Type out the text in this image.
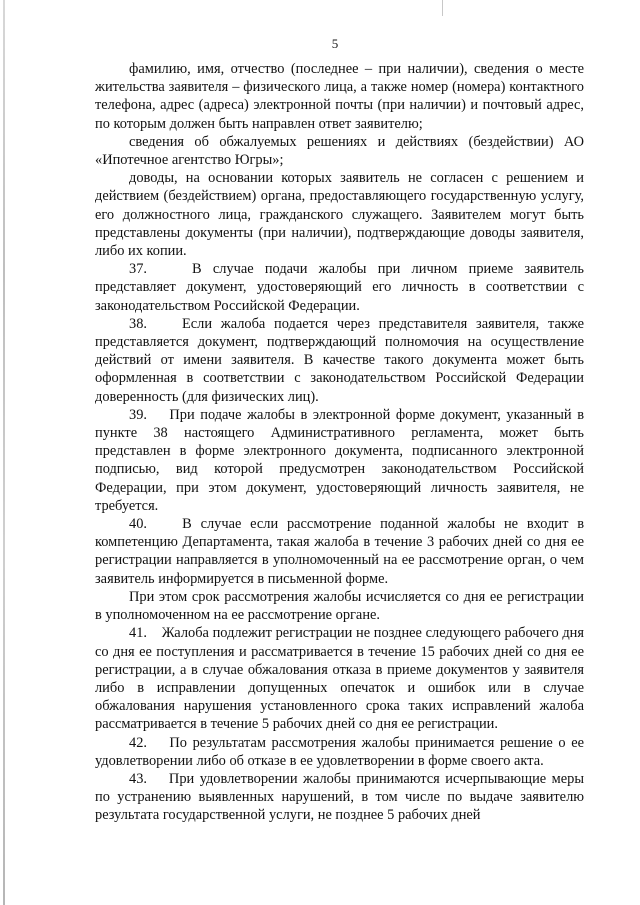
5

фамилию, имя, отчество (последнее – при наличии), сведения о месте жительства заявителя – физического лица, а также номер (номера) контактного телефона, адрес (адреса) электронной почты (при наличии) и почтовый адрес, по которым должен быть направлен ответ заявителю;

сведения об обжалуемых решениях и действиях (бездействии) АО «Ипотечное агентство Югры»;

доводы, на основании которых заявитель не согласен с решением и действием (бездействием) органа, предоставляющего государственную услугу, его должностного лица, гражданского служащего. Заявителем могут быть представлены документы (при наличии), подтверждающие доводы заявителя, либо их копии.

37.    В случае подачи жалобы при личном приеме заявитель представляет документ, удостоверяющий его личность в соответствии с законодательством Российской Федерации.

38.    Если жалоба подается через представителя заявителя, также представляется документ, подтверждающий полномочия на осуществление действий от имени заявителя. В качестве такого документа может быть оформленная в соответствии с законодательством Российской Федерации доверенность (для физических лиц).

39.    При подаче жалобы в электронной форме документ, указанный в пункте 38 настоящего Административного регламента, может быть представлен в форме электронного документа, подписанного электронной подписью, вид которой предусмотрен законодательством Российской Федерации, при этом документ, удостоверяющий личность заявителя, не требуется.

40.    В случае если рассмотрение поданной жалобы не входит в компетенцию Департамента, такая жалоба в течение 3 рабочих дней со дня ее регистрации направляется в уполномоченный на ее рассмотрение орган, о чем заявитель информируется в письменной форме.

При этом срок рассмотрения жалобы исчисляется со дня ее регистрации в уполномоченном на ее рассмотрение органе.

41.    Жалоба подлежит регистрации не позднее следующего рабочего дня со дня ее поступления и рассматривается в течение 15 рабочих дней со дня ее регистрации, а в случае обжалования отказа в приеме документов у заявителя либо в исправлении допущенных опечаток и ошибок или в случае обжалования нарушения установленного срока таких исправлений жалоба рассматривается в течение 5 рабочих дней со дня ее регистрации.

42.    По результатам рассмотрения жалобы принимается решение о ее удовлетворении либо об отказе в ее удовлетворении в форме своего акта.

43.    При удовлетворении жалобы принимаются исчерпывающие меры по устранению выявленных нарушений, в том числе по выдаче заявителю результата государственной услуги, не позднее 5 рабочих дней
